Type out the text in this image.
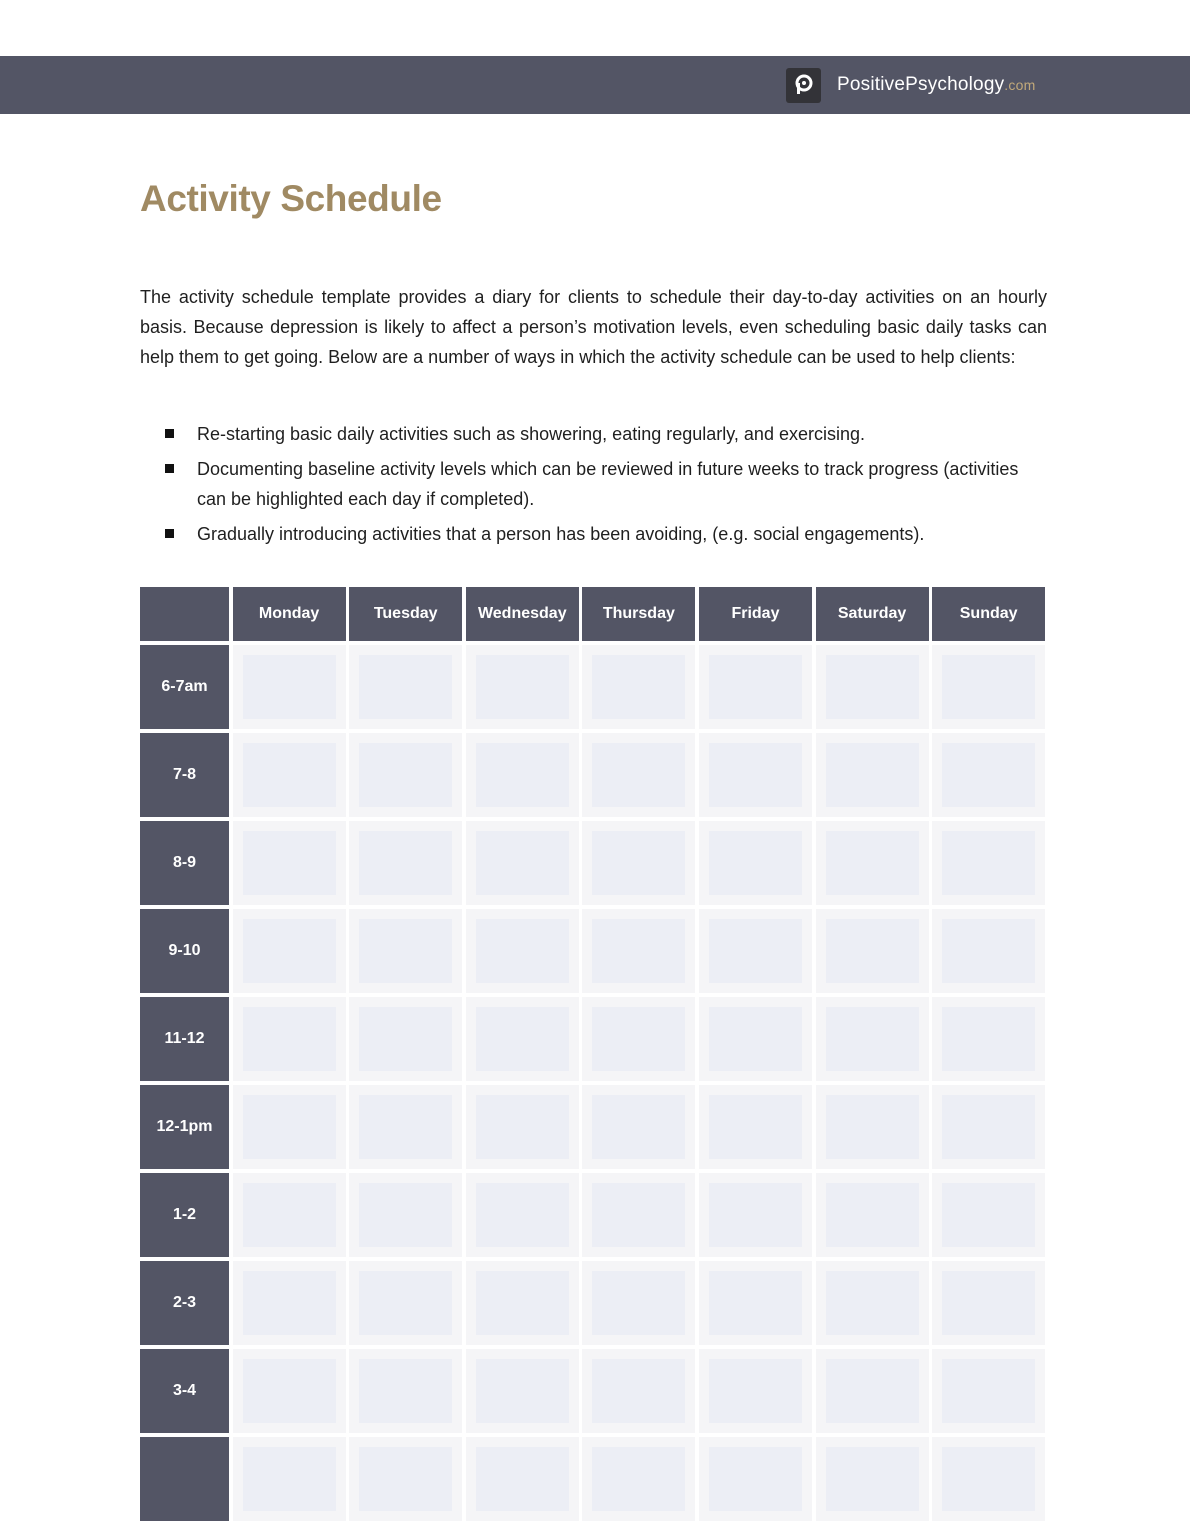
PositivePsychology.com
Activity Schedule

The activity schedule template provides a diary for clients to schedule their day-to-day activities on an hourly basis. Because depression is likely to affect a person’s motivation levels, even scheduling basic daily tasks can help them to get going. Below are a number of ways in which the activity schedule can be used to help clients:

Re-starting basic daily activities such as showering, eating regularly, and exercising.
Documenting baseline activity levels which can be reviewed in future weeks to track progress (activities can be highlighted each day if completed).
Gradually introducing activities that a person has been avoiding, (e.g. social engagements).
Monday	Tuesday	Wednesday	Thursday	Friday	Saturday	Sunday
6-7am
7-8
8-9
9-10
11-12
12-1pm
1-2
2-3
3-4
